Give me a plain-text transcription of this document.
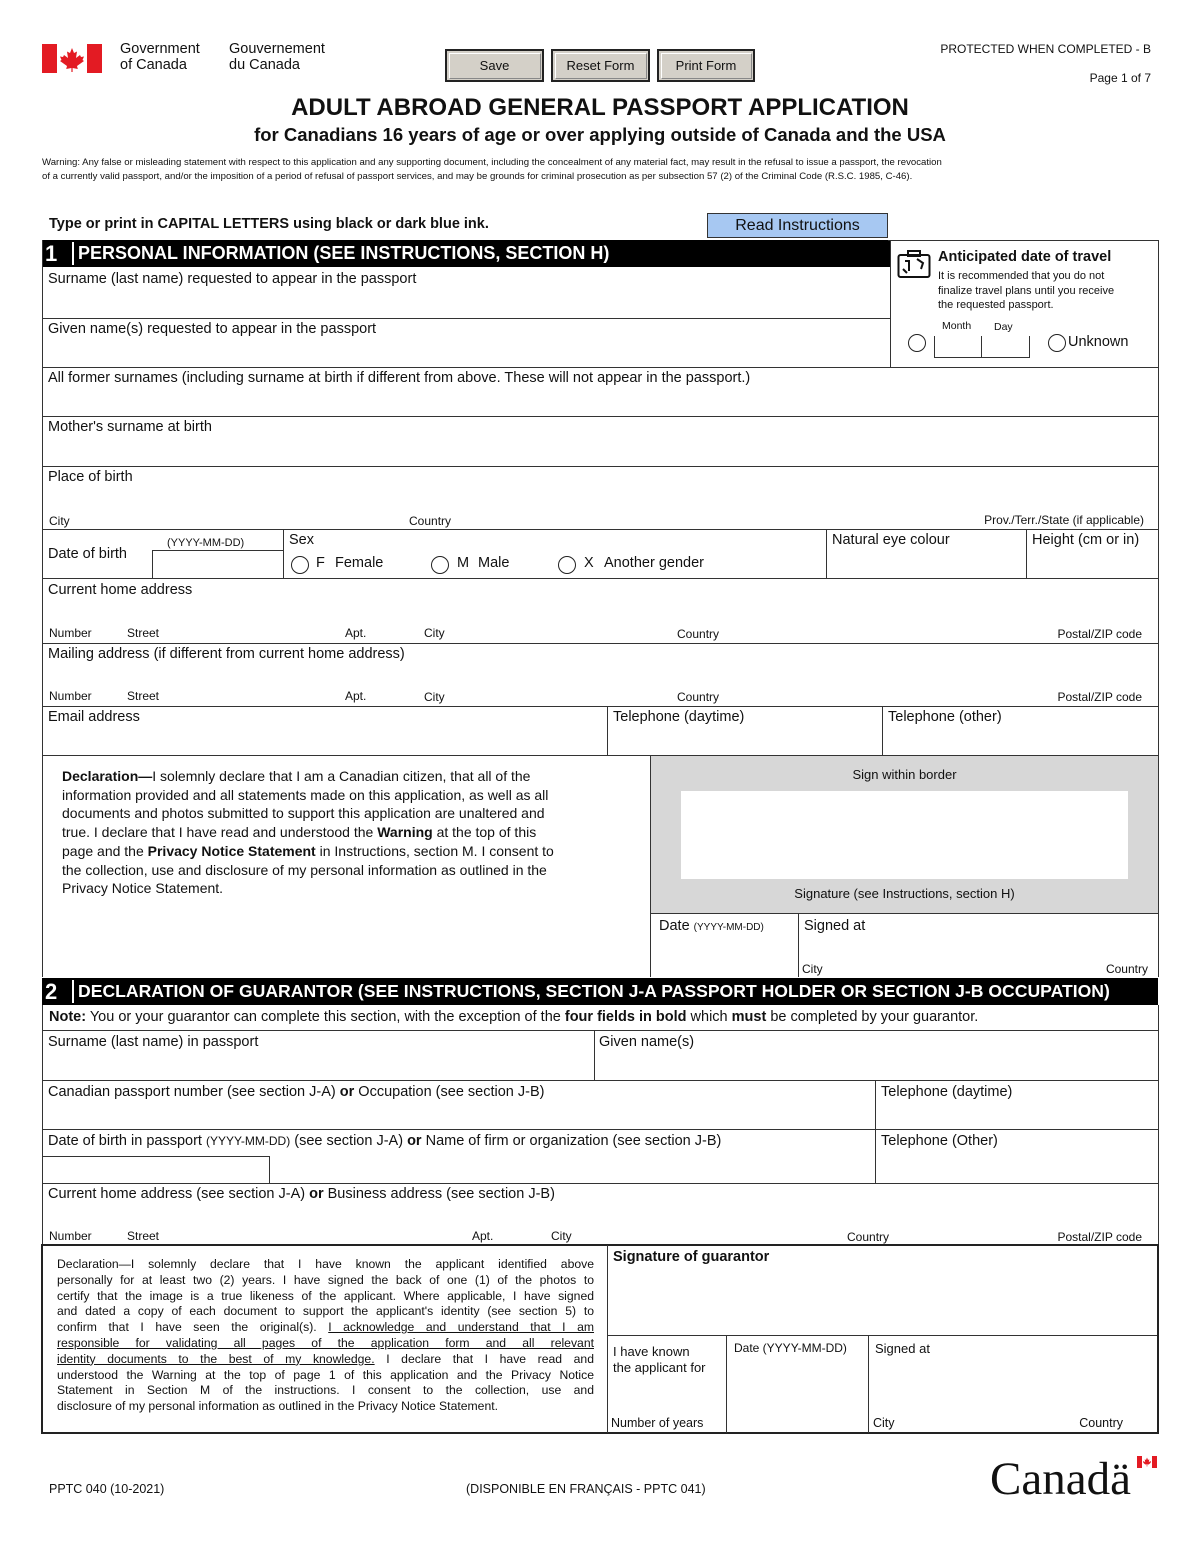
Government
of Canada
Gouvernement
du Canada	Save	Reset Form	Print Form
PROTECTED WHEN COMPLETED - B
Page 1 of 7
ADULT ABROAD GENERAL PASSPORT APPLICATION
for Canadians 16 years of age or over applying outside of Canada and the USA
Warning: Any false or misleading statement with respect to this application and any supporting document, including the concealment of any material fact, may result in the refusal to issue a passport, the revocation
of a currently valid passport, and/or the imposition of a period of refusal of passport services, and may be grounds for criminal prosecution as per subsection 57 (2) of the Criminal Code (R.S.C. 1985, C-46).
Type or print in CAPITAL LETTERS using black or dark blue ink.	Read Instructions
1 PERSONAL INFORMATION (SEE INSTRUCTIONS, SECTION H)
Surname (last name) requested to appear in the passport
Given name(s) requested to appear in the passport
Anticipated date of travel
It is recommended that you do not
finalize travel plans until you receive
the requested passport.
Month Day
Unknown
All former surnames (including surname at birth if different from above. These will not appear in the passport.)
Mother's surname at birth
Place of birth
City	Country	Prov./Terr./State (if applicable)
Date of birth
(YYYY-MM-DD)	Sex
F Female	M Male	X Another gender
Natural eye colour	Height (cm or in)
Current home address
Number	Street	Apt.	City	Country	Postal/ZIP code
Mailing address (if different from current home address)
Number	Street	Apt.	City	Country	Postal/ZIP code
Email address	Telephone (daytime)	Telephone (other)
Declaration—I solemnly declare that I am a Canadian citizen, that all of the
information provided and all statements made on this application, as well as all
documents and photos submitted to support this application are unaltered and
true. I declare that I have read and understood the Warning at the top of this
page and the Privacy Notice Statement in Instructions, section M. I consent to
the collection, use and disclosure of my personal information as outlined in the
Privacy Notice Statement.
Sign within border
Signature (see Instructions, section H)
Date (YYYY-MM-DD)	Signed at
City	Country
2 DECLARATION OF GUARANTOR (SEE INSTRUCTIONS, SECTION J-A PASSPORT HOLDER OR SECTION J-B OCCUPATION)
Note: You or your guarantor can complete this section, with the exception of the four fields in bold which must be completed by your guarantor.
Surname (last name) in passport	Given name(s)
Canadian passport number (see section J-A) or Occupation (see section J-B)	Telephone (daytime)
Date of birth in passport (YYYY-MM-DD) (see section J-A) or Name of firm or organization (see section J-B)	Telephone (Other)
Current home address (see section J-A) or Business address (see section J-B)
Number	Street	Apt.	City	Country	Postal/ZIP code
Declaration—I solemnly declare that I have known the applicant identified above
personally for at least two (2) years. I have signed the back of one (1) of the photos to
certify that the image is a true likeness of the applicant. Where applicable, I have signed
and dated a copy of each document to support the applicant's identity (see section 5) to
confirm that I have seen the original(s). I acknowledge and understand that I am
responsible for validating all pages of the application form and all relevant
identity documents to the best of my knowledge. I declare that I have read and
understood the Warning at the top of page 1 of this application and the Privacy Notice
Statement in Section M of the instructions. I consent to the collection, use and
disclosure of my personal information as outlined in the Privacy Notice Statement.
Signature of guarantor
I have known
the applicant for
Number of years
Date (YYYY-MM-DD) Signed at
City	Country
PPTC 040 (10-2021)	(DISPONIBLE EN FRANÇAIS - PPTC 041)	Canadä
